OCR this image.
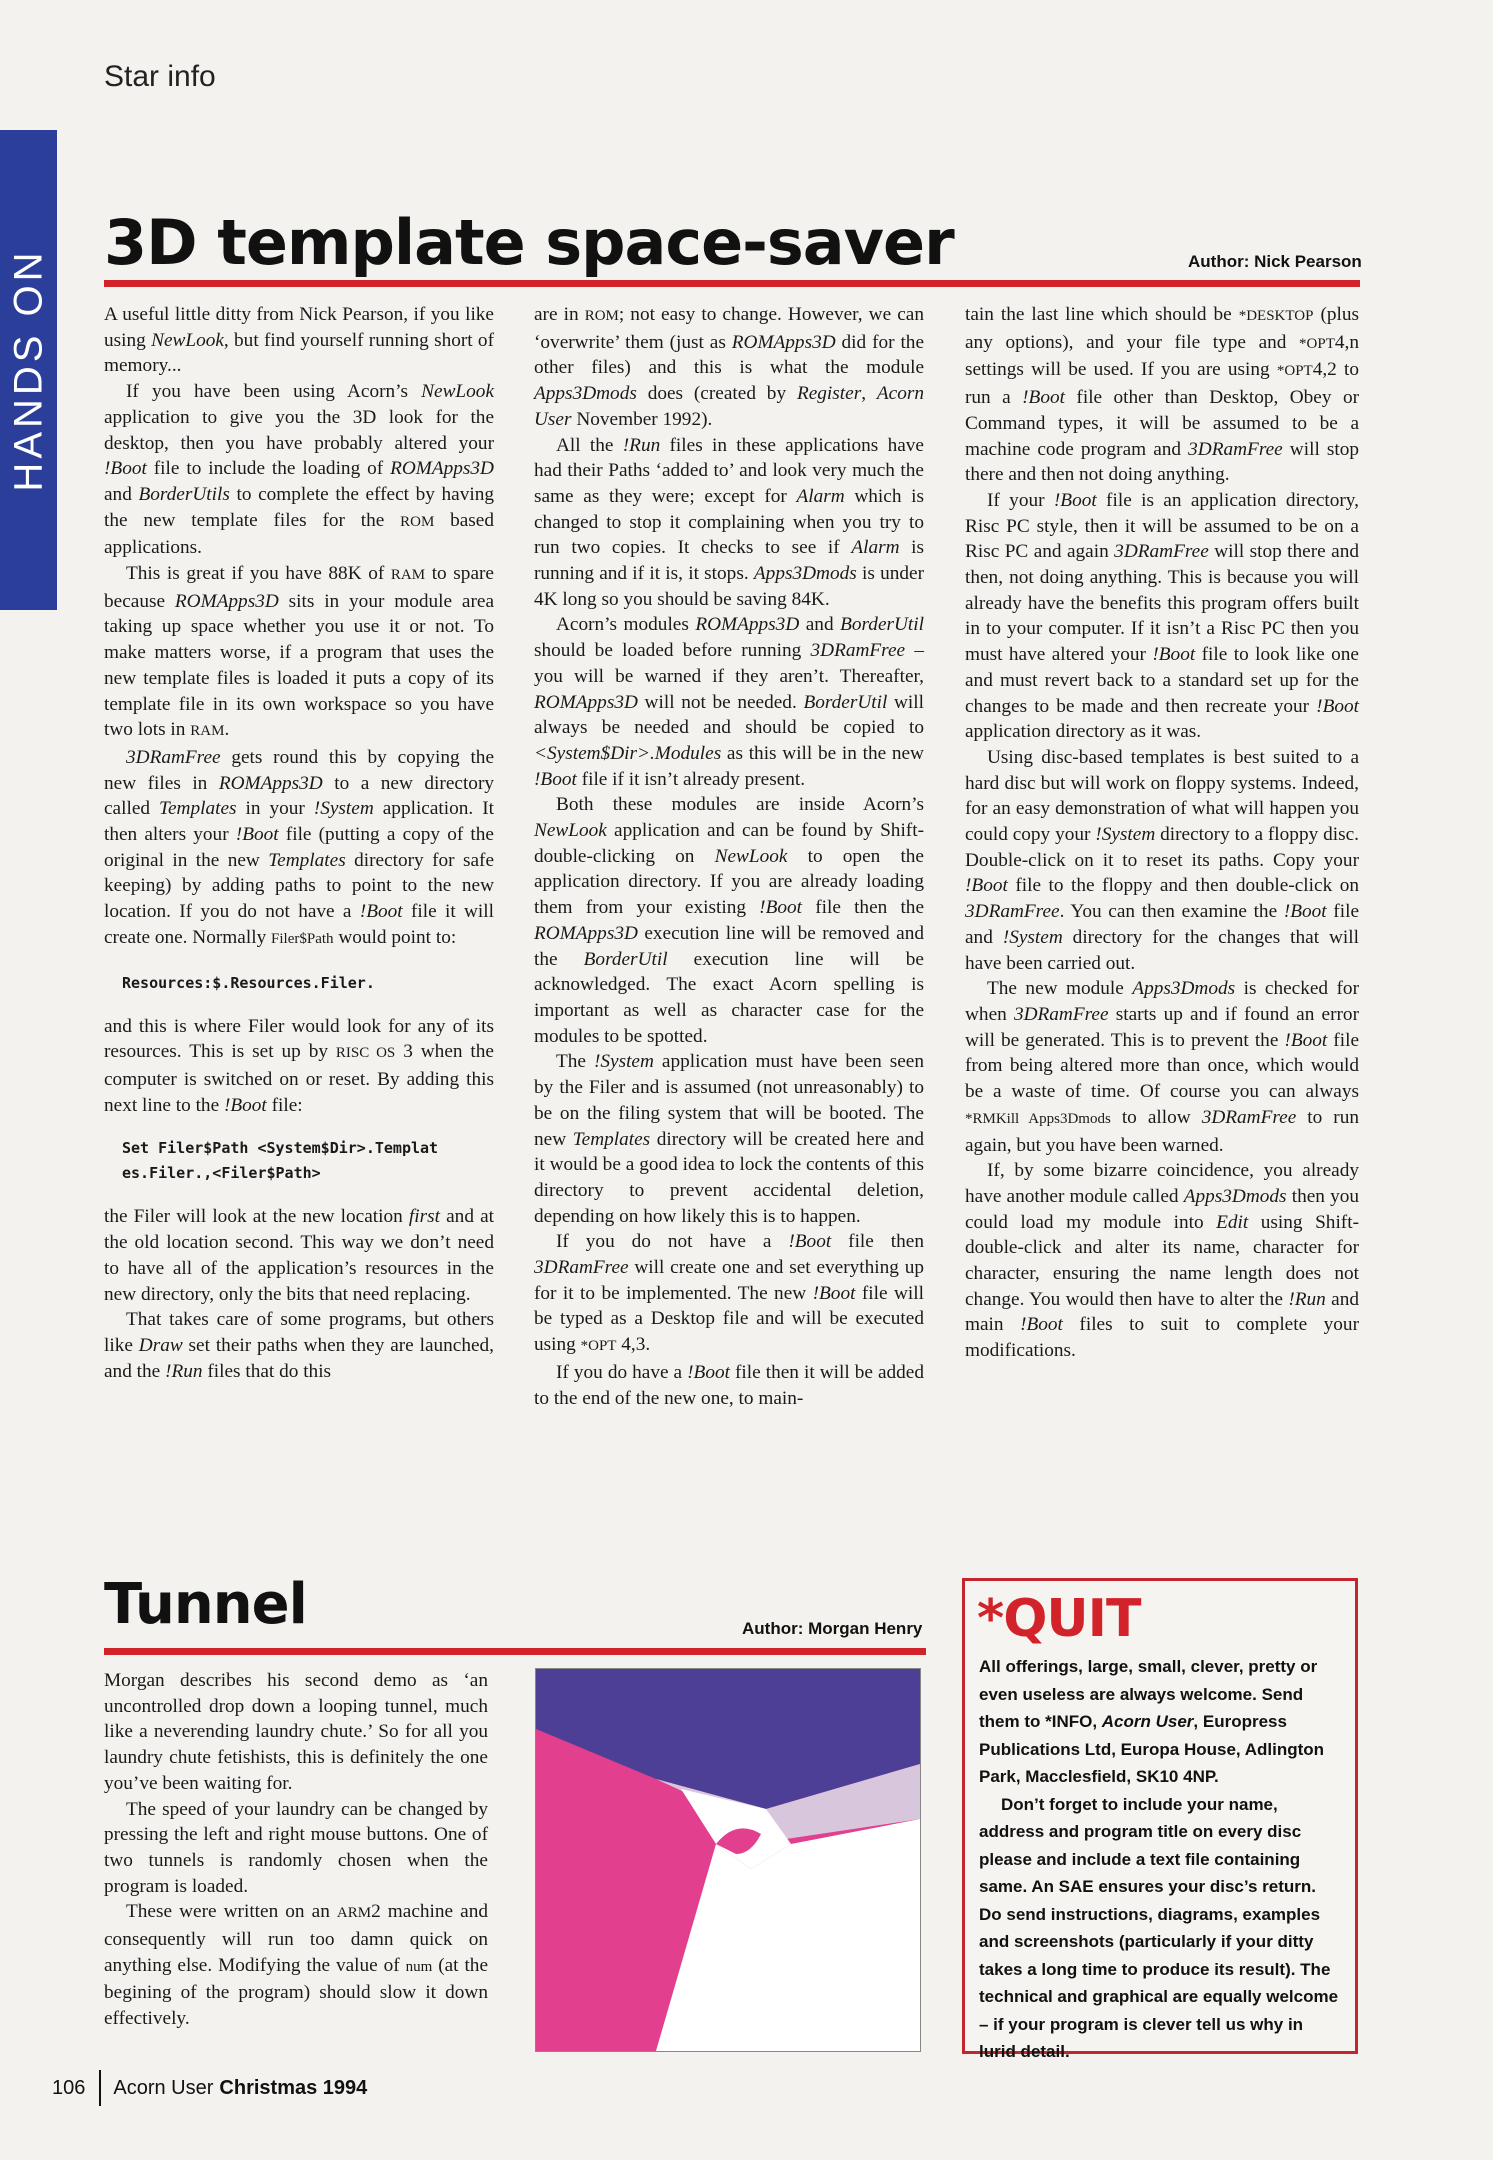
HANDS ON
Star info
3D template space-saver	Author: Nick Pearson

A useful little ditty from Nick Pearson, if you like using NewLook, but find yourself running short of memory...

If you have been using Acorn’s NewLook application to give you the 3D look for the desktop, then you have probably altered your !Boot file to include the loading of ROMApps3D and BorderUtils to complete the effect by having the new template files for the ROM based applications.

This is great if you have 88K of RAM to spare because ROMApps3D sits in your module area taking up space whether you use it or not. To make matters worse, if a program that uses the new template files is loaded it puts a copy of its template file in its own workspace so you have two lots in RAM.

3DRamFree gets round this by copying the new files in ROMApps3D to a new directory called Templates in your !System application. It then alters your !Boot file (putting a copy of the original in the new Templates directory for safe keeping) by adding paths to point to the new location. If you do not have a !Boot file it will create one. Normally Filer$Path would point to:

Resources:$.Resources.Filer.

and this is where Filer would look for any of its resources. This is set up by RISC OS 3 when the computer is switched on or reset. By adding this next line to the !Boot file:

Set Filer$Path <System$Dir>.Templat es.Filer.,<Filer$Path>

the Filer will look at the new location first and at the old location second. This way we don’t need to have all of the application’s resources in the new directory, only the bits that need replacing.

That takes care of some programs, but others like Draw set their paths when they are launched, and the !Run files that do this

are in ROM; not easy to change. However, we can ‘overwrite’ them (just as ROMApps3D did for the other files) and this is what the module Apps3Dmods does (created by Register, Acorn User November 1992).

All the !Run files in these applications have had their Paths ‘added to’ and look very much the same as they were; except for Alarm which is changed to stop it complaining when you try to run two copies. It checks to see if Alarm is running and if it is, it stops. Apps3Dmods is under 4K long so you should be saving 84K.

Acorn’s modules ROMApps3D and BorderUtil should be loaded before running 3DRamFree – you will be warned if they aren’t. Thereafter, ROMApps3D will not be needed. BorderUtil will always be needed and should be copied to <System$Dir>.Modules as this will be in the new !Boot file if it isn’t already present.

Both these modules are inside Acorn’s NewLook application and can be found by Shift-double-clicking on NewLook to open the application directory. If you are already loading them from your existing !Boot file then the ROMApps3D execution line will be removed and the BorderUtil execution line will be acknowledged. The exact Acorn spelling is important as well as character case for the modules to be spotted.

The !System application must have been seen by the Filer and is assumed (not unreasonably) to be on the filing system that will be booted. The new Templates directory will be created here and it would be a good idea to lock the contents of this directory to prevent accidental deletion, depending on how likely this is to happen.

If you do not have a !Boot file then 3DRamFree will create one and set everything up for it to be implemented. The new !Boot file will be typed as a Desktop file and will be executed using *OPT 4,3.

If you do have a !Boot file then it will be added to the end of the new one, to main-

tain the last line which should be *DESKTOP (plus any options), and your file type and *OPT4,n settings will be used. If you are using *OPT4,2 to run a !Boot file other than Desktop, Obey or Command types, it will be assumed to be a machine code program and 3DRamFree will stop there and then not doing anything.

If your !Boot file is an application directory, Risc PC style, then it will be assumed to be on a Risc PC and again 3DRamFree will stop there and then, not doing anything. This is because you will already have the benefits this program offers built in to your computer. If it isn’t a Risc PC then you must have altered your !Boot file to look like one and must revert back to a standard set up for the changes to be made and then recreate your !Boot application directory as it was.

Using disc-based templates is best suited to a hard disc but will work on floppy systems. Indeed, for an easy demonstration of what will happen you could copy your !System directory to a floppy disc. Double-click on it to reset its paths. Copy your !Boot file to the floppy and then double-click on 3DRamFree. You can then examine the !Boot file and !System directory for the changes that will have been carried out.

The new module Apps3Dmods is checked for when 3DRamFree starts up and if found an error will be generated. This is to prevent the !Boot file from being altered more than once, which would be a waste of time. Of course you can always *RMKill Apps3Dmods to allow 3DRamFree to run again, but you have been warned.

If, by some bizarre coincidence, you already have another module called Apps3Dmods then you could load my module into Edit using Shift-double-click and alter its name, character for character, ensuring the name length does not change. You would then have to alter the !Run and main !Boot files to suit to complete your modifications.

Tunnel	Author: Morgan Henry

Morgan describes his second demo as ‘an uncontrolled drop down a looping tunnel, much like a neverending laundry chute.’ So for all you laundry chute fetishists, this is definitely the one you’ve been waiting for.

The speed of your laundry can be changed by pressing the left and right mouse buttons. One of two tunnels is randomly chosen when the program is loaded.

These were written on an ARM2 machine and consequently will run too damn quick on anything else. Modifying the value of num (at the begining of the program) should slow it down effectively.

*QUIT

All offerings, large, small, clever, pretty or even useless are always welcome. Send them to *INFO, Acorn User, Europress Publications Ltd, Europa House, Adlington Park, Macclesfield, SK10 4NP.

Don’t forget to include your name, address and program title on every disc please and include a text file containing same. An SAE ensures your disc’s return. Do send instructions, diagrams, examples and screenshots (particularly if your ditty takes a long time to produce its result). The technical and graphical are equally welcome – if your program is clever tell us why in lurid detail.

106 Acorn User Christmas 1994
